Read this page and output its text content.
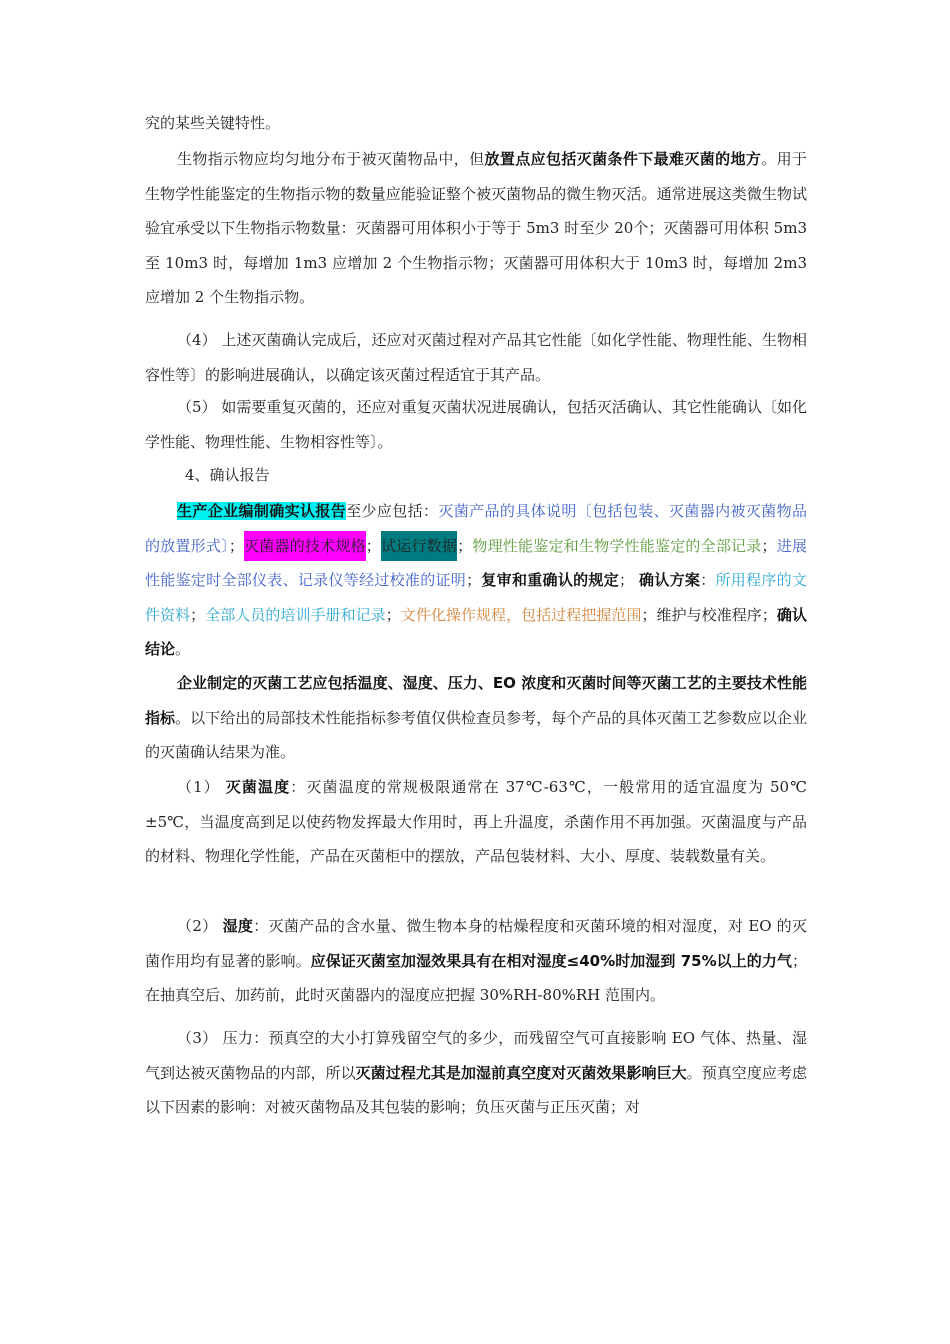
究的某些关键特性。

生物指示物应均匀地分布于被灭菌物品中，但放置点应包括灭菌条件下最难灭菌的地方。用于生物学性能鉴定的生物指示物的数量应能验证整个被灭菌物品的微生物灭活。通常进展这类微生物试验宜承受以下生物指示物数量：灭菌器可用体积小于等于 5m3 时至少 20个；灭菌器可用体积 5m3 至 10m3 时，每增加 1m3 应增加 2 个生物指示物；灭菌器可用体积大于 10m3 时，每增加 2m3 应增加 2 个生物指示物。

（4） 上述灭菌确认完成后，还应对灭菌过程对产品其它性能〔如化学性能、物理性能、生物相容性等〕的影响进展确认，以确定该灭菌过程适宜于其产品。

（5） 如需要重复灭菌的，还应对重复灭菌状况进展确认，包括灭活确认、其它性能确认〔如化学性能、物理性能、生物相容性等〕。

4、确认报告

生产企业编制确实认报告至少应包括：灭菌产品的具体说明〔包括包装、灭菌器内被灭菌物品的放置形式〕；灭菌器的技术规格；试运行数据；物理性能鉴定和生物学性能鉴定的全部记录；进展性能鉴定时全部仪表、记录仪等经过校准的证明；复审和重确认的规定； 确认方案：所用程序的文件资料；全部人员的培训手册和记录；文件化操作规程，包括过程把握范围；维护与校准程序；确认结论。

企业制定的灭菌工艺应包括温度、湿度、压力、EO 浓度和灭菌时间等灭菌工艺的主要技术性能指标。以下给出的局部技术性能指标参考值仅供检查员参考，每个产品的具体灭菌工艺参数应以企业的灭菌确认结果为准。

（1） 灭菌温度：灭菌温度的常规极限通常在 37℃-63℃，一般常用的适宜温度为 50℃±5℃，当温度高到足以使药物发挥最大作用时，再上升温度，杀菌作用不再加强。灭菌温度与产品的材料、物理化学性能，产品在灭菌柜中的摆放，产品包装材料、大小、厚度、装载数量有关。

（2） 湿度：灭菌产品的含水量、微生物本身的枯燥程度和灭菌环境的相对湿度，对 EO 的灭菌作用均有显著的影响。应保证灭菌室加湿效果具有在相对湿度≤40%时加湿到 75%以上的力气；在抽真空后、加药前，此时灭菌器内的湿度应把握 30%RH-80%RH 范围内。

（3） 压力：预真空的大小打算残留空气的多少，而残留空气可直接影响 EO 气体、热量、湿气到达被灭菌物品的内部，所以灭菌过程尤其是加湿前真空度对灭菌效果影响巨大。预真空度应考虑以下因素的影响：对被灭菌物品及其包装的影响；负压灭菌与正压灭菌；对
